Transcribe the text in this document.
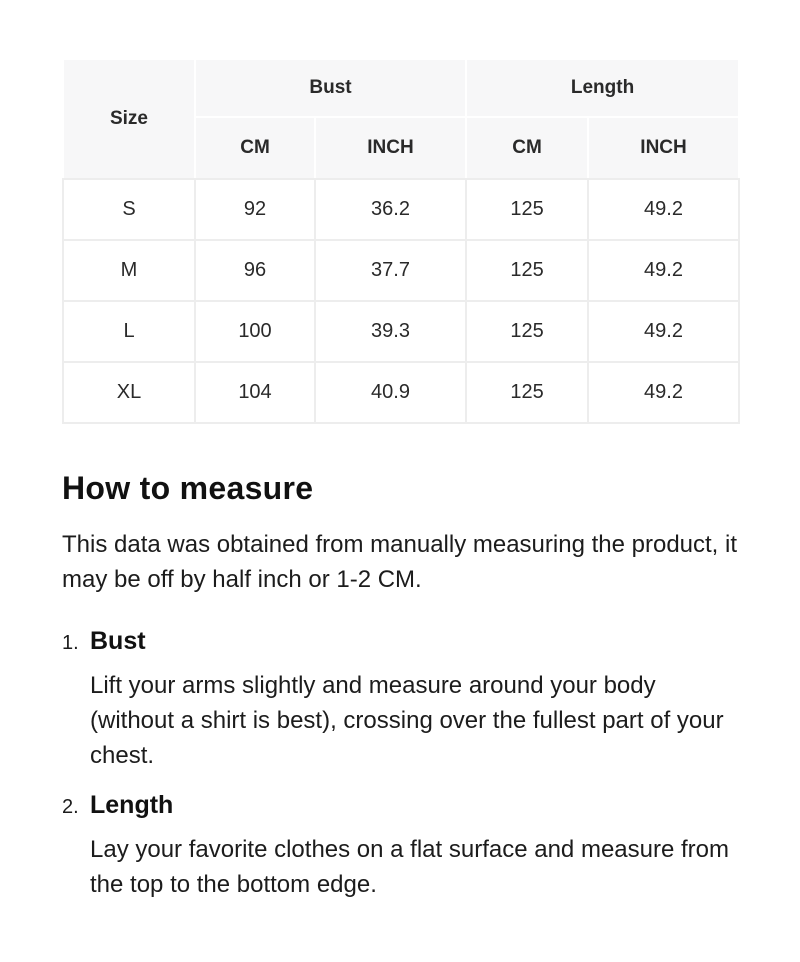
Size	Bust		Length	
	CM	INCH	CM	INCH
S	92	36.2	125	49.2
M	96	37.7	125	49.2
L	100	39.3	125	49.2
XL	104	40.9	125	49.2
How to measure

This data was obtained from manually measuring the product, it may be off by half inch or 1-2 CM.

1. Bust

Lift your arms slightly and measure around your body (without a shirt is best), crossing over the fullest part of your chest.

2. Length

Lay your favorite clothes on a flat surface and measure from the top to the bottom edge.
